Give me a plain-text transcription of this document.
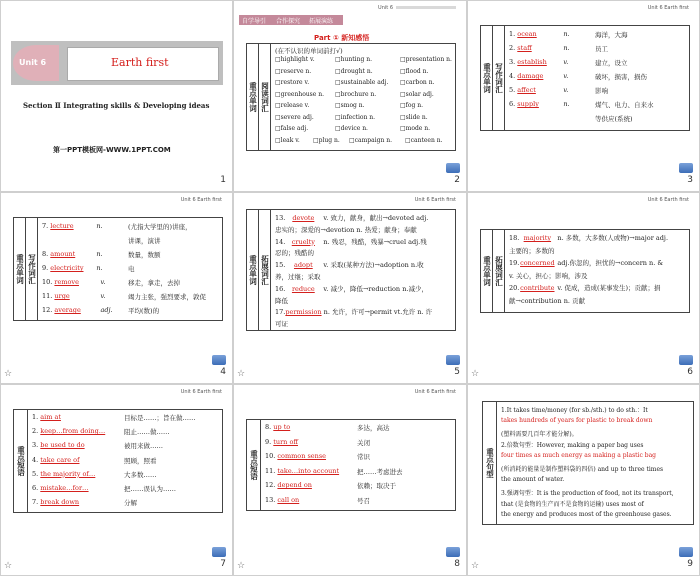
Unit 6	Earth first
Section Ⅱ Integrating skills & Developing ideas
第一PPT模板网-WWW.1PPT.COM
1
自学导引 合作探究 拓展演练
Unit 6
Part ① 新知感悟
重点单词 阅读词汇
(在不认识的单词前打√)
□highlight v.	□hunting n.	□presentation n.
□reserve n.	□drought n.	□flood n.
□restore v.	□sustainable adj. □carbon n.
□greenhouse n. □brochure n.	□solar adj.
□release v.	□smog n.	□fog n.
□severe adj.	□infection n.	□slide n.
□false adj.	□device n.	□mode n.
□leak v. □plug n. □campaign n. □canteen n.
2
Unit 6 Earth first
重点单词 写作词汇
1. ocean	n.	海洋，大海
2. staff	n.	员工
3. establish v.	建立，设立
4. damage	v.	破坏，损害，损伤
5. affect	v.	影响
6. supply	n.	煤气、电力、自来水
等供应(系统)
3
Unit 6 Earth first
重点单词 写作词汇
7. lecture	n.	(尤指大学里的)讲座，
讲课，演讲
8. amount	n.	数量，数额
9. electricity n.	电
10. remove	v.	移走，拿走，去掉
11. urge	v.	竭力主张，强烈要求，敦促
12. average	adj. 平均(数)的
4
☆
Unit 6 Earth first
重点单词 拓展词汇
13. devote v. 致力，献身，献出→devoted adj.
忠实的；深爱的→devotion n. 热爱；献身；奉献
14. cruelty n. 残忍，残酷，残暴→cruel adj.残
忍的；残酷的
15. adopt v. 采取(某种方法)→adoption n.收
养，过继；采取
16. reduce v. 减少，降低→reduction n.减少，
降低
17.permission n. 允许，许可→permit vt.允许 n. 许
可证
5
☆
Unit 6 Earth first
重点单词 拓展词汇
18. majority n. 多数，大多数(人或物)→major adj.
主要的；多数的
19.concerned adj.你忽的，担忧的→concern n. &
v. 关心，担心；影响，涉及
20.contribute v. 促成，造成(某事发生)；贡献；捐
献→contribution n. 贡献
6
☆
Unit 6 Earth first
重点短语
1. aim at	目标是……；旨在做……
2. keep…from doing…	阻止……做……
3. be used to do	被用来做……
4. take care of	照顾，照看
5. the majority of…	大多数……
6. mistake…for…	把……误认为……
7. break down	分解
7
☆
Unit 6 Earth first
重点短语
8. up to	多达，高达
9. turn off	关闭
10. common sense	常识
11. take…into account	把……考虑进去
12. depend on	依赖；取决于
13. call on	号召
8
☆
重点句型
1.It takes time/money (for sb./sth.) to do sth.：It
takes hundreds of years for plastic to break down
(塑料需要几百年才能分解)。
2.倍数句型：However, making a paper bag uses
four times as much energy as making a plastic bag
(所消耗的能量是制作塑料袋的四倍) and up to three times
the amount of water.
3.强调句型：It is the production of food, not its transport,
that (是食物的生产而不是食物的运输) uses most of
the energy and produces most of the greenhouse gases.
9
☆
